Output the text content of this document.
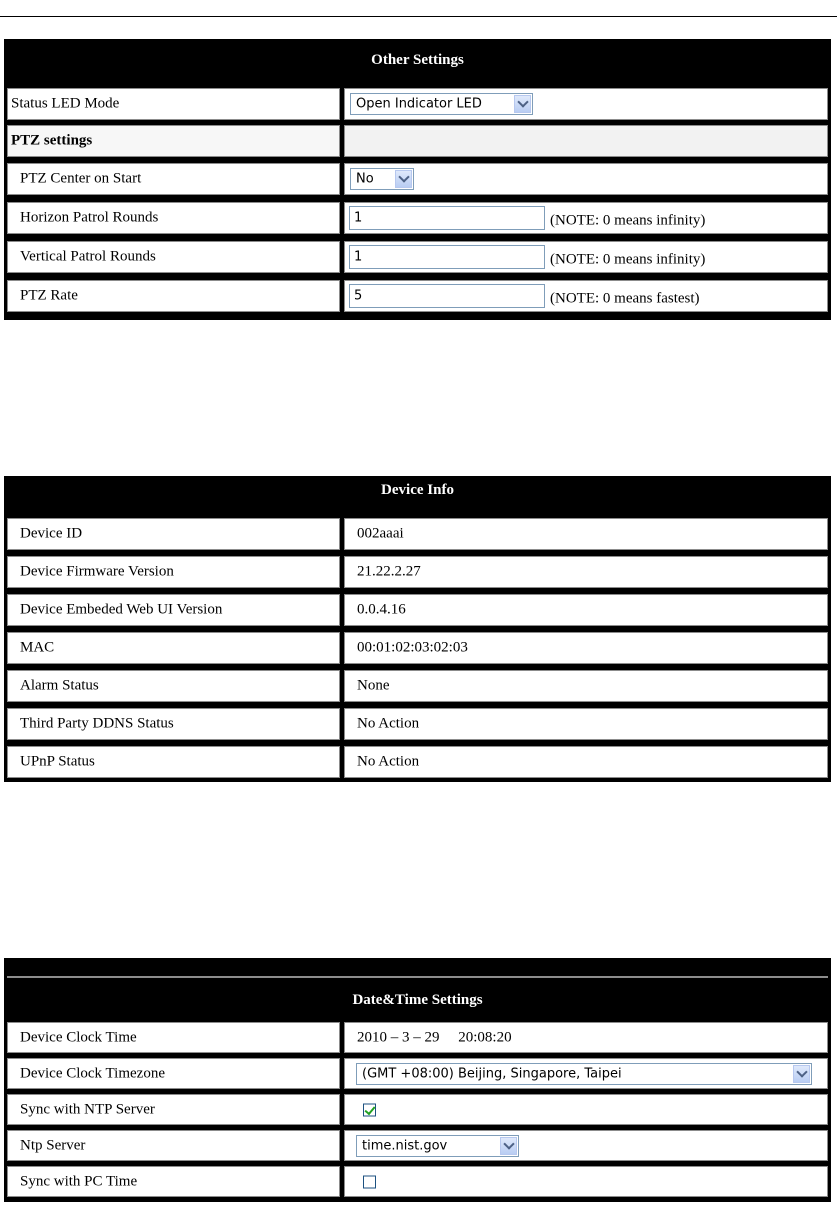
Other Settings
Status LED Mode	Open Indicator LED
PTZ settings
PTZ Center on Start	No
Horizon Patrol Rounds	1	(NOTE: 0 means infinity)
Vertical Patrol Rounds	1	(NOTE: 0 means infinity)
PTZ Rate	5	(NOTE: 0 means fastest)
Device Info
Device ID	002aaai
Device Firmware Version	21.22.2.27
Device Embeded Web UI Version	0.0.4.16
MAC	00:01:02:03:02:03
Alarm Status	None
Third Party DDNS Status	No Action
UPnP Status	No Action
Date&Time Settings
Device Clock Time	2010 – 3 – 29     20:08:20
Device Clock Timezone	(GMT +08:00) Beijing, Singapore, Taipei
Sync with NTP Server
Ntp Server	time.nist.gov
Sync with PC Time
